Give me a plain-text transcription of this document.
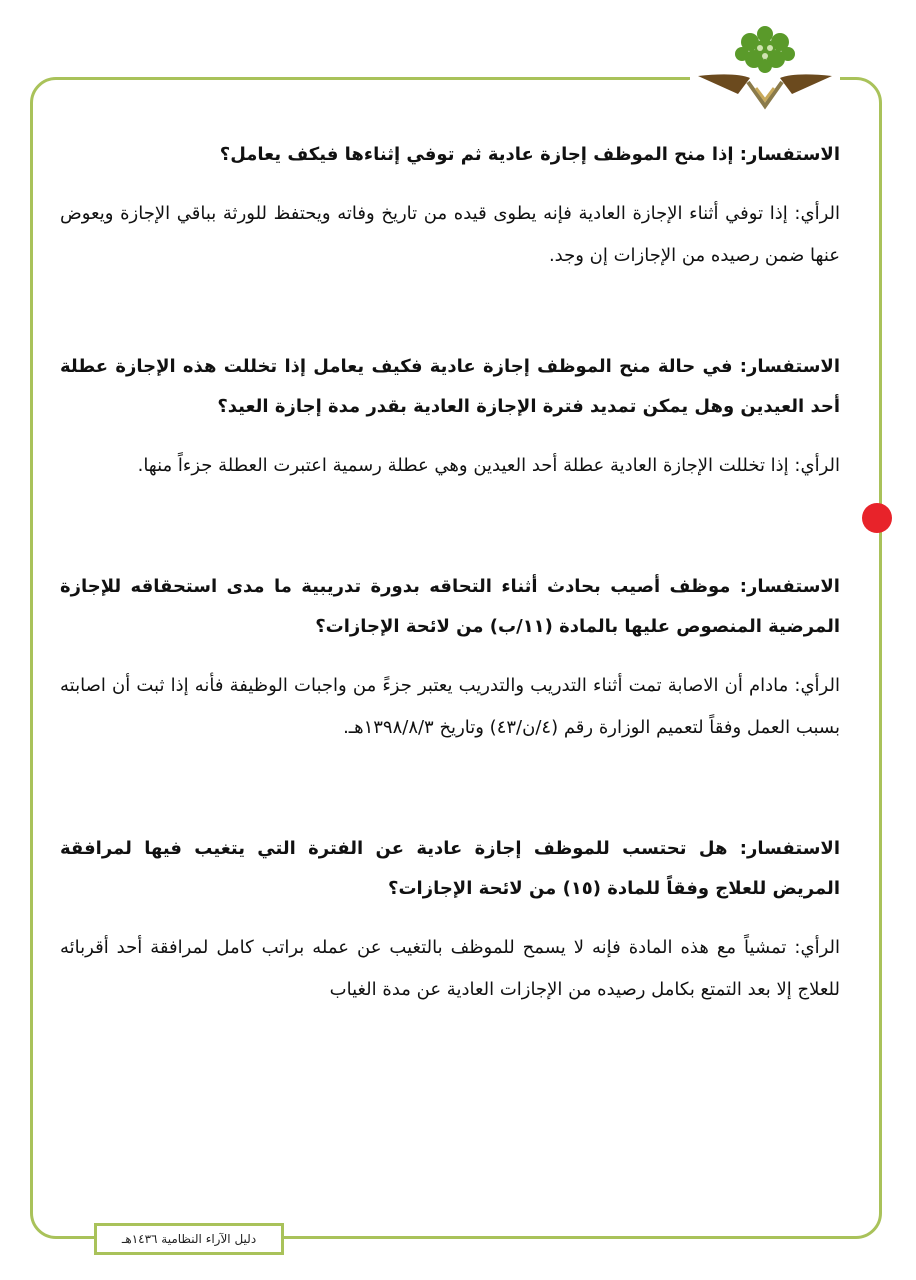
الاستفسار: إذا منح الموظف إجازة عادية ثم توفي إثناءها فيكف يعامل؟

الرأي: إذا توفي أثناء الإجازة العادية فإنه يطوى قيده من تاريخ وفاته ويحتفظ للورثة بباقي الإجازة ويعوض عنها ضمن رصيده من الإجازات إن وجد.

الاستفسار: في حالة منح الموظف إجازة عادية فكيف يعامل إذا تخللت هذه الإجازة عطلة أحد العيدين وهل يمكن تمديد فترة الإجازة العادية بقدر مدة إجازة العيد؟

الرأي: إذا تخللت الإجازة العادية عطلة أحد العيدين وهي عطلة رسمية اعتبرت العطلة جزءاً منها.

الاستفسار: موظف أصيب بحادث أثناء التحاقه بدورة تدريبية ما مدى استحقاقه للإجازة المرضية المنصوص عليها بالمادة (١١/ب) من لائحة الإجازات؟

الرأي: مادام أن الاصابة تمت أثناء التدريب والتدريب يعتبر جزءً من واجبات الوظيفة فأنه إذا ثبت أن اصابته بسبب العمل وفقاً لتعميم الوزارة رقم (٤/ن/٤٣) وتاريخ ١٣٩٨/٨/٣هـ.

الاستفسار: هل تحتسب للموظف إجازة عادية عن الفترة التي يتغيب فيها لمرافقة المريض للعلاج وفقاً للمادة (١٥) من لائحة الإجازات؟

الرأي: تمشياً مع هذه المادة فإنه لا يسمح للموظف بالتغيب عن عمله براتب كامل لمرافقة أحد أقربائه للعلاج إلا بعد التمتع بكامل رصيده من الإجازات العادية عن مدة الغياب

دليل الآراء النظامية ١٤٣٦هـ
